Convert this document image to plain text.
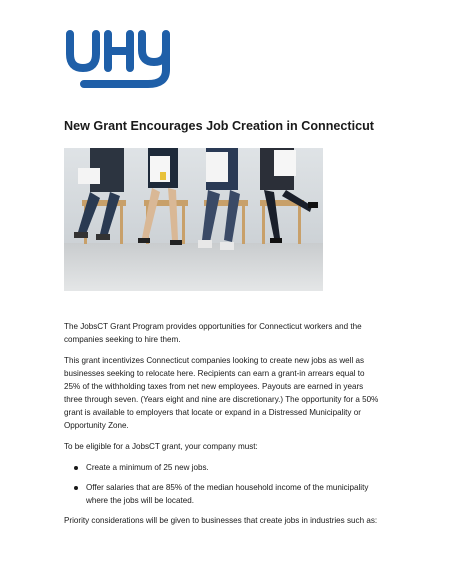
New Grant Encourages Job Creation in Connecticut

The JobsCT Grant Program provides opportunities for Connecticut workers and the companies seeking to hire them.

This grant incentivizes Connecticut companies looking to create new jobs as well as businesses seeking to relocate here. Recipients can earn a grant-in arrears equal to 25% of the withholding taxes from net new employees. Payouts are earned in years three through seven. (Years eight and nine are discretionary.) The opportunity for a 50% grant is available to employers that locate or expand in a Distressed Municipality or Opportunity Zone.

To be eligible for a JobsCT grant, your company must:

Create a minimum of 25 new jobs.
Offer salaries that are 85% of the median household income of the municipality where the jobs will be located.

Priority considerations will be given to businesses that create jobs in industries such as:
